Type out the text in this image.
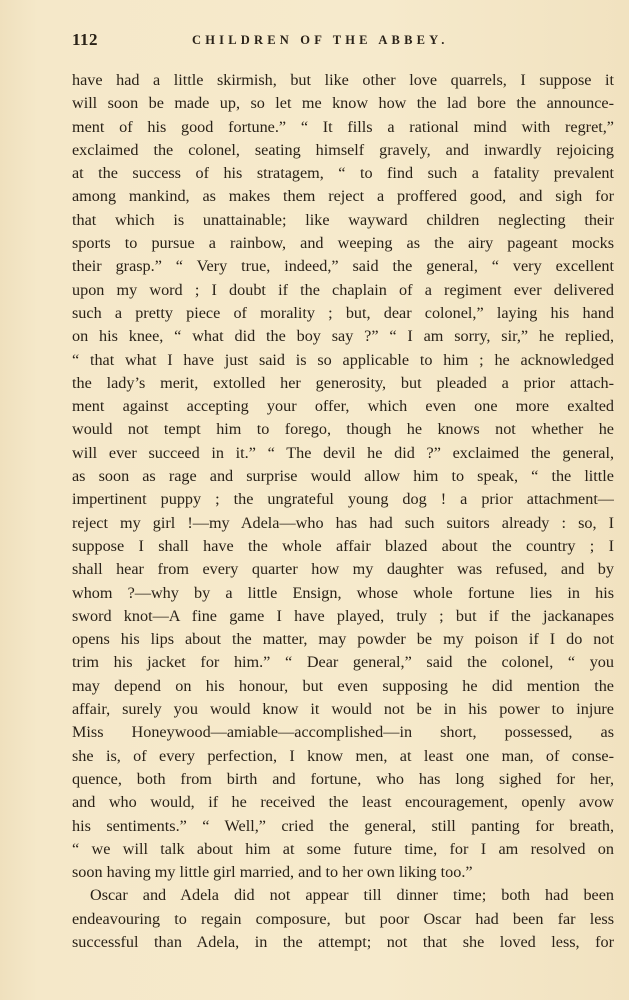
112	CHILDREN OF THE ABBEY.
have had a little skirmish, but like other love quarrels, I suppose it
will soon be made up, so let me know how the lad bore the announce-
ment of his good fortune.” “ It fills a rational mind with regret,”
exclaimed the colonel, seating himself gravely, and inwardly rejoicing
at the success of his stratagem, “ to find such a fatality prevalent
among mankind, as makes them reject a proffered good, and sigh for
that which is unattainable; like wayward children neglecting their
sports to pursue a rainbow, and weeping as the airy pageant mocks
their grasp.” “ Very true, indeed,” said the general, “ very excellent
upon my word ; I doubt if the chaplain of a regiment ever delivered
such a pretty piece of morality ; but, dear colonel,” laying his hand
on his knee, “ what did the boy say ?” “ I am sorry, sir,” he replied,
“ that what I have just said is so applicable to him ; he acknowledged
the lady’s merit, extolled her generosity, but pleaded a prior attach-
ment against accepting your offer, which even one more exalted
would not tempt him to forego, though he knows not whether he
will ever succeed in it.” “ The devil he did ?” exclaimed the general,
as soon as rage and surprise would allow him to speak, “ the little
impertinent puppy ; the ungrateful young dog ! a prior attachment—
reject my girl !—my Adela—who has had such suitors already : so, I
suppose I shall have the whole affair blazed about the country ; I
shall hear from every quarter how my daughter was refused, and by
whom ?—why by a little Ensign, whose whole fortune lies in his
sword knot—A fine game I have played, truly ; but if the jackanapes
opens his lips about the matter, may powder be my poison if I do not
trim his jacket for him.” “ Dear general,” said the colonel, “ you
may depend on his honour, but even supposing he did mention the
affair, surely you would know it would not be in his power to injure
Miss Honeywood—amiable—accomplished—in short, possessed, as
she is, of every perfection, I know men, at least one man, of conse-
quence, both from birth and fortune, who has long sighed for her,
and who would, if he received the least encouragement, openly avow
his sentiments.” “ Well,” cried the general, still panting for breath,
“ we will talk about him at some future time, for I am resolved on
soon having my little girl married, and to her own liking too.”
Oscar and Adela did not appear till dinner time; both had been
endeavouring to regain composure, but poor Oscar had been far less
successful than Adela, in the attempt; not that she loved less, for
